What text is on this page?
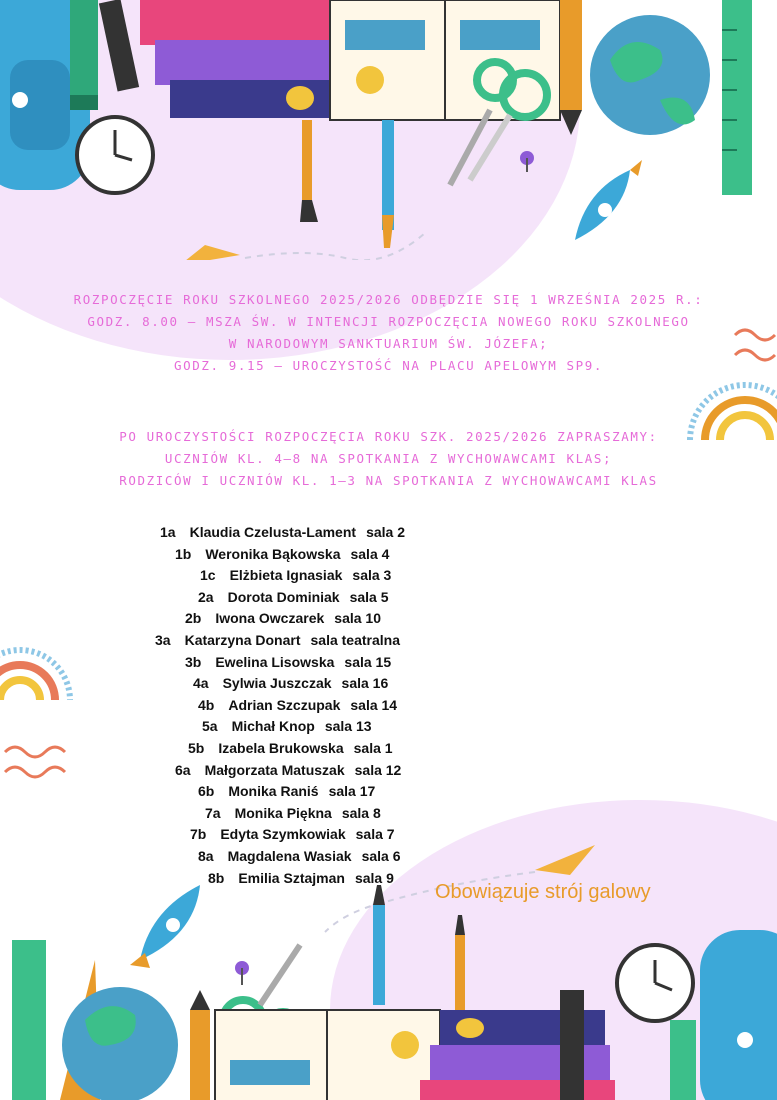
ROZPOCZĘCIE ROKU SZKOLNEGO 2025/2026 ODBĘDZIE SIĘ 1 WRZEŚNIA 2025 R.:

GODZ. 8.00 – MSZA ŚW. W INTENCJI ROZPOCZĘCIA NOWEGO ROKU SZKOLNEGO

W NARODOWYM SANKTUARIUM ŚW. JÓZEFA;

GODZ. 9.15 — UROCZYSTOŚĆ NA PLACU APELOWYM SP9.

PO UROCZYSTOŚCI ROZPOCZĘCIA ROKU SZK. 2025/2026 ZAPRASZAMY:

UCZNIÓW KL. 4–8 NA SPOTKANIA Z WYCHOWAWCAMI KLAS;

RODZICÓW I UCZNIÓW KL. 1–3 NA SPOTKANIA Z WYCHOWAWCAMI KLAS

1a Klaudia Czelusta-Lament sala 2
1b Weronika Bąkowska sala 4
1c Elżbieta Ignasiak sala 3
2a Dorota Dominiak sala 5
2b Iwona Owczarek sala 10
3a Katarzyna Donart sala teatralna
3b Ewelina Lisowska sala 15
4a Sylwia Juszczak sala 16
4b Adrian Szczupak sala 14
5a Michał Knop sala 13
5b Izabela Brukowska sala 1
6a Małgorzata Matuszak sala 12
6b Monika Raniś sala 17
7a Monika Piękna sala 8
7b Edyta Szymkowiak sala 7
8a Magdalena Wasiak sala 6
8b Emilia Sztajman sala 9
Obowiązuje strój galowy
